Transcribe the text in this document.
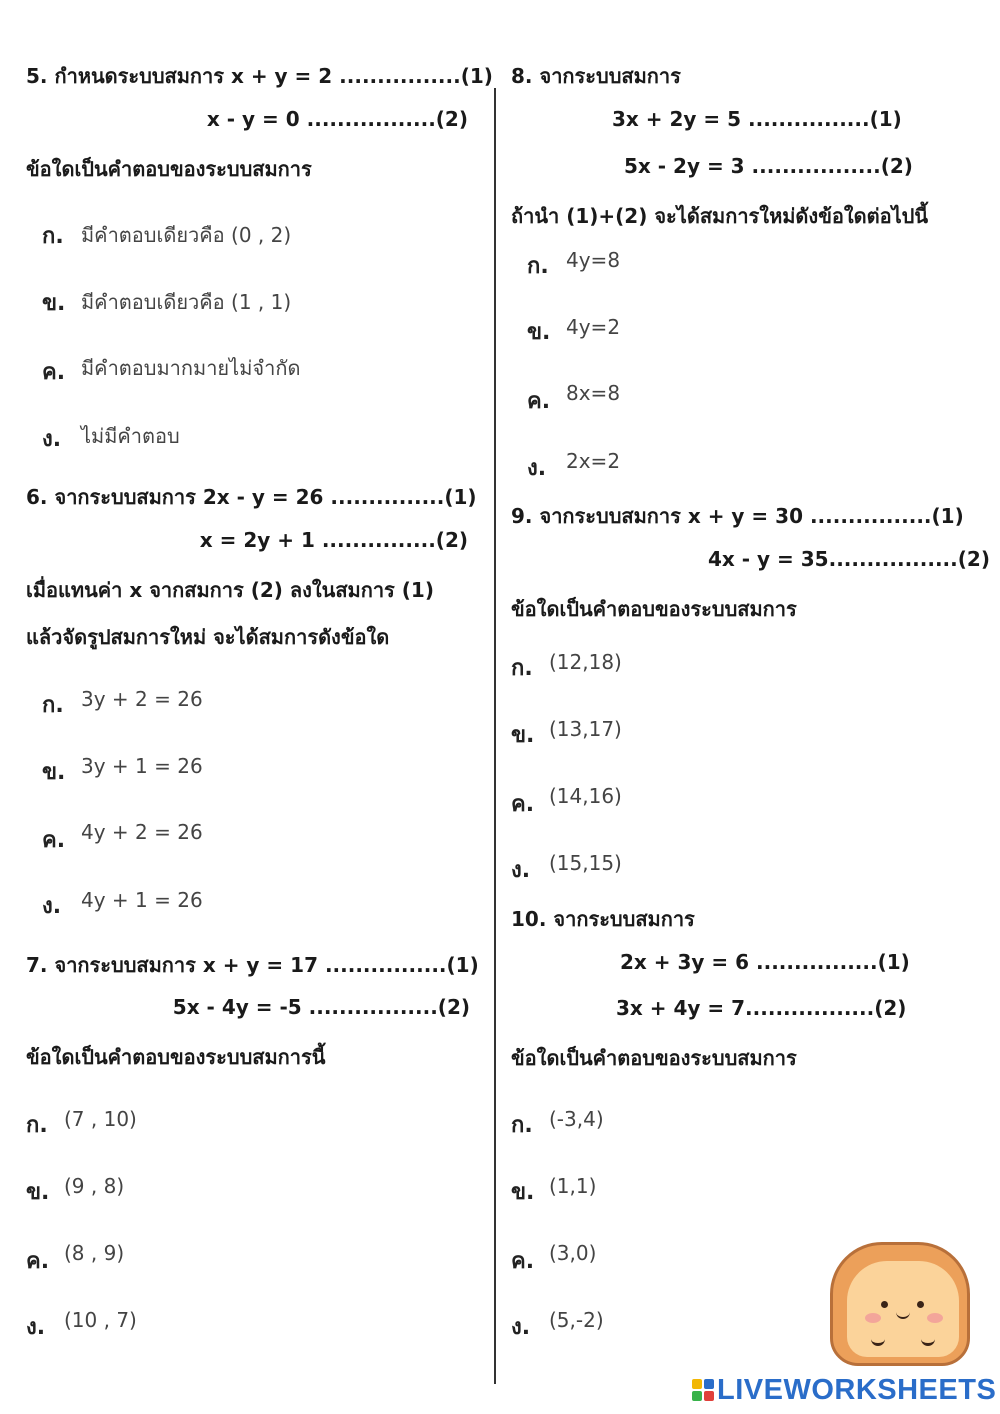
5. กำหนดระบบสมการ x + y = 2 ................(1)
x - y = 0 .................(2)
ข้อใดเป็นคำตอบของระบบสมการ
ก. มีคำตอบเดียวคือ (0 , 2)
ข. มีคำตอบเดียวคือ (1 , 1)
ค. มีคำตอบมากมายไม่จำกัด
ง. ไม่มีคำตอบ
6. จากระบบสมการ 2x - y = 26 ...............(1)
x = 2y + 1 ...............(2)
เมื่อแทนค่า x จากสมการ (2) ลงในสมการ (1)
แล้วจัดรูปสมการใหม่ จะได้สมการดังข้อใด
ก. 3y + 2 = 26
ข. 3y + 1 = 26
ค. 4y + 2 = 26
ง. 4y + 1 = 26
7. จากระบบสมการ x + y = 17 ................(1)
5x - 4y = -5 .................(2)
ข้อใดเป็นคำตอบของระบบสมการนี้
ก. (7 , 10)
ข. (9 , 8)
ค. (8 , 9)
ง. (10 , 7)
8. จากระบบสมการ
3x + 2y = 5 ................(1)
5x - 2y = 3 .................(2)
ถ้านำ (1)+(2) จะได้สมการใหม่ดังข้อใดต่อไปนี้
ก. 4y=8
ข. 4y=2
ค. 8x=8
ง. 2x=2
9. จากระบบสมการ x + y = 30 ................(1)
4x - y = 35.................(2)
ข้อใดเป็นคำตอบของระบบสมการ
ก. (12,18)
ข. (13,17)
ค. (14,16)
ง. (15,15)
10. จากระบบสมการ
2x + 3y = 6 ................(1)
3x + 4y = 7.................(2)
ข้อใดเป็นคำตอบของระบบสมการ
ก. (-3,4)
ข. (1,1)
ค. (3,0)
ง. (5,-2)
LIVEWORKSHEETS
